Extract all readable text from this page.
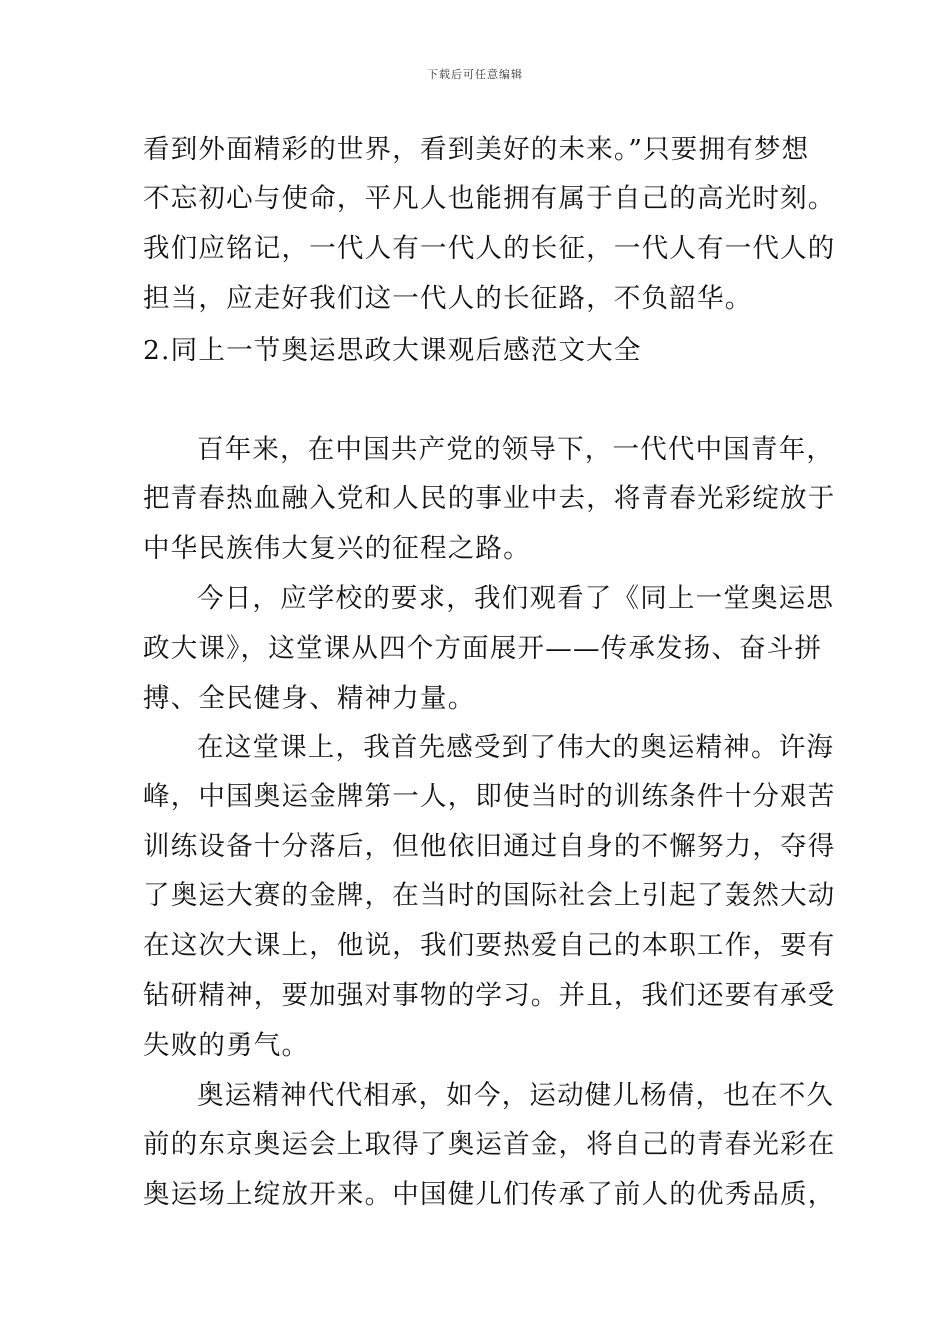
下载后可任意编辑
看到外面精彩的世界，看到美好的未来。”只要拥有梦想
不忘初心与使命，平凡人也能拥有属于自己的高光时刻。
我们应铭记，一代人有一代人的长征，一代人有一代人的
担当，应走好我们这一代人的长征路，不负韶华。
2.同上一节奥运思政大课观后感范文大全
百年来，在中国共产党的领导下，一代代中国青年，
把青春热血融入党和人民的事业中去，将青春光彩绽放于
中华民族伟大复兴的征程之路。
今日，应学校的要求，我们观看了《同上一堂奥运思
政大课》，这堂课从四个方面展开——传承发扬、奋斗拼
搏、全民健身、精神力量。
在这堂课上，我首先感受到了伟大的奥运精神。许海
峰，中国奥运金牌第一人，即使当时的训练条件十分艰苦
训练设备十分落后，但他依旧通过自身的不懈努力，夺得
了奥运大赛的金牌，在当时的国际社会上引起了轰然大动
在这次大课上，他说，我们要热爱自己的本职工作，要有
钻研精神，要加强对事物的学习。并且，我们还要有承受
失败的勇气。
奥运精神代代相承，如今，运动健儿杨倩，也在不久
前的东京奥运会上取得了奥运首金，将自己的青春光彩在
奥运场上绽放开来。中国健儿们传承了前人的优秀品质，
